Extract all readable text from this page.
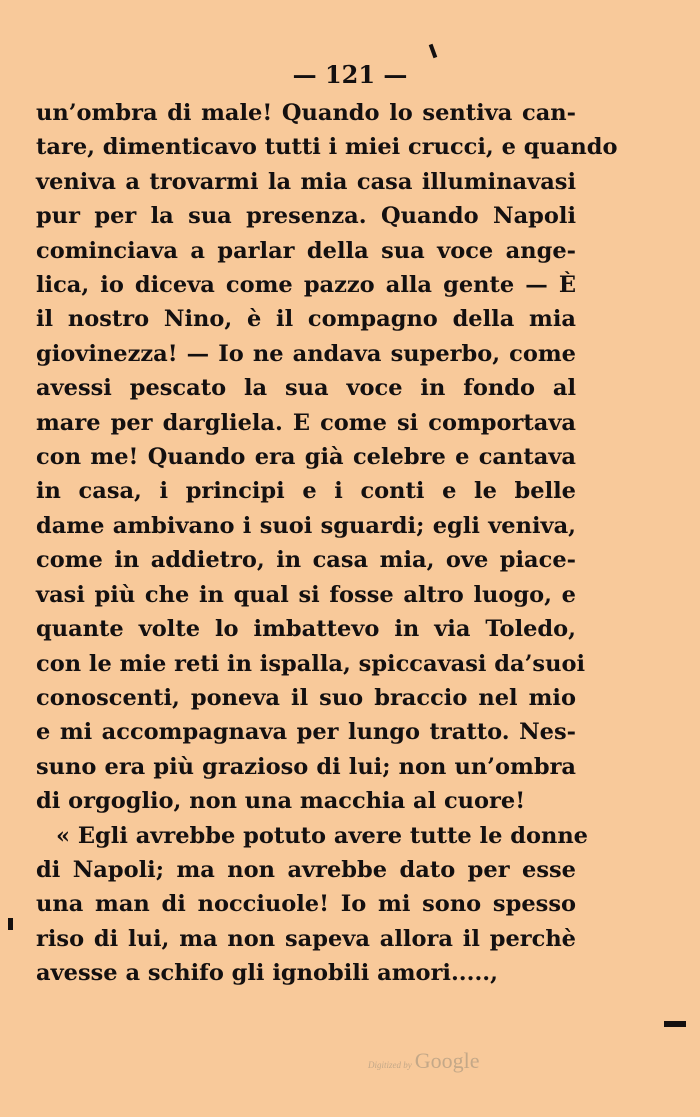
— 121 —
un’ombra di male! Quando lo sentiva can-
tare, dimenticavo tutti i miei crucci, e quando
veniva a trovarmi la mia casa illuminavasi
pur per la sua presenza. Quando Napoli
cominciava a parlar della sua voce ange-
lica, io diceva come pazzo alla gente — È
il nostro Nino, è il compagno della mia
giovinezza! — Io ne andava superbo, come
avessi pescato la sua voce in fondo al
mare per dargliela. E come si comportava
con me! Quando era già celebre e cantava
in casa, i principi e i conti e le belle
dame ambivano i suoi sguardi; egli veniva,
come in addietro, in casa mia, ove piace-
vasi più che in qual si fosse altro luogo, e
quante volte lo imbattevo in via Toledo,
con le mie reti in ispalla, spiccavasi da’suoi
conoscenti, poneva il suo braccio nel mio
e mi accompagnava per lungo tratto. Nes-
suno era più grazioso di lui; non un’ombra
di orgoglio, non una macchia al cuore!
« Egli avrebbe potuto avere tutte le donne
di Napoli; ma non avrebbe dato per esse
una man di nocciuole! Io mi sono spesso
riso di lui, ma non sapeva allora il perchè
avesse a schifo gli ignobili amori.....,
Digitized by Google
